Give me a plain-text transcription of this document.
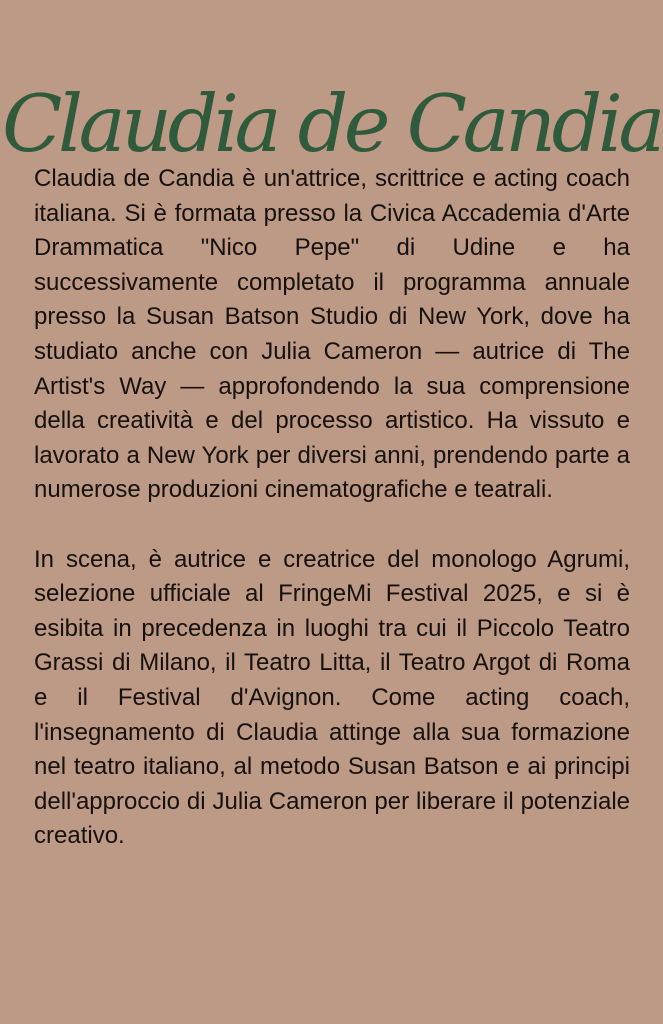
Claudia de Candia

Claudia de Candia è un'attrice, scrittrice e acting coach italiana. Si è formata presso la Civica Accademia d'Arte Drammatica "Nico Pepe" di Udine e ha successivamente completato il programma annuale presso la Susan Batson Studio di New York, dove ha studiato anche con Julia Cameron — autrice di The Artist's Way — approfondendo la sua comprensione della creatività e del processo artistico. Ha vissuto e lavorato a New York per diversi anni, prendendo parte a numerose produzioni cinematografiche e teatrali.

In scena, è autrice e creatrice del monologo Agrumi, selezione ufficiale al FringeMi Festival 2025, e si è esibita in precedenza in luoghi tra cui il Piccolo Teatro Grassi di Milano, il Teatro Litta, il Teatro Argot di Roma e il Festival d'Avignon. Come acting coach, l'insegnamento di Claudia attinge alla sua formazione nel teatro italiano, al metodo Susan Batson e ai principi dell'approccio di Julia Cameron per liberare il potenziale creativo.
